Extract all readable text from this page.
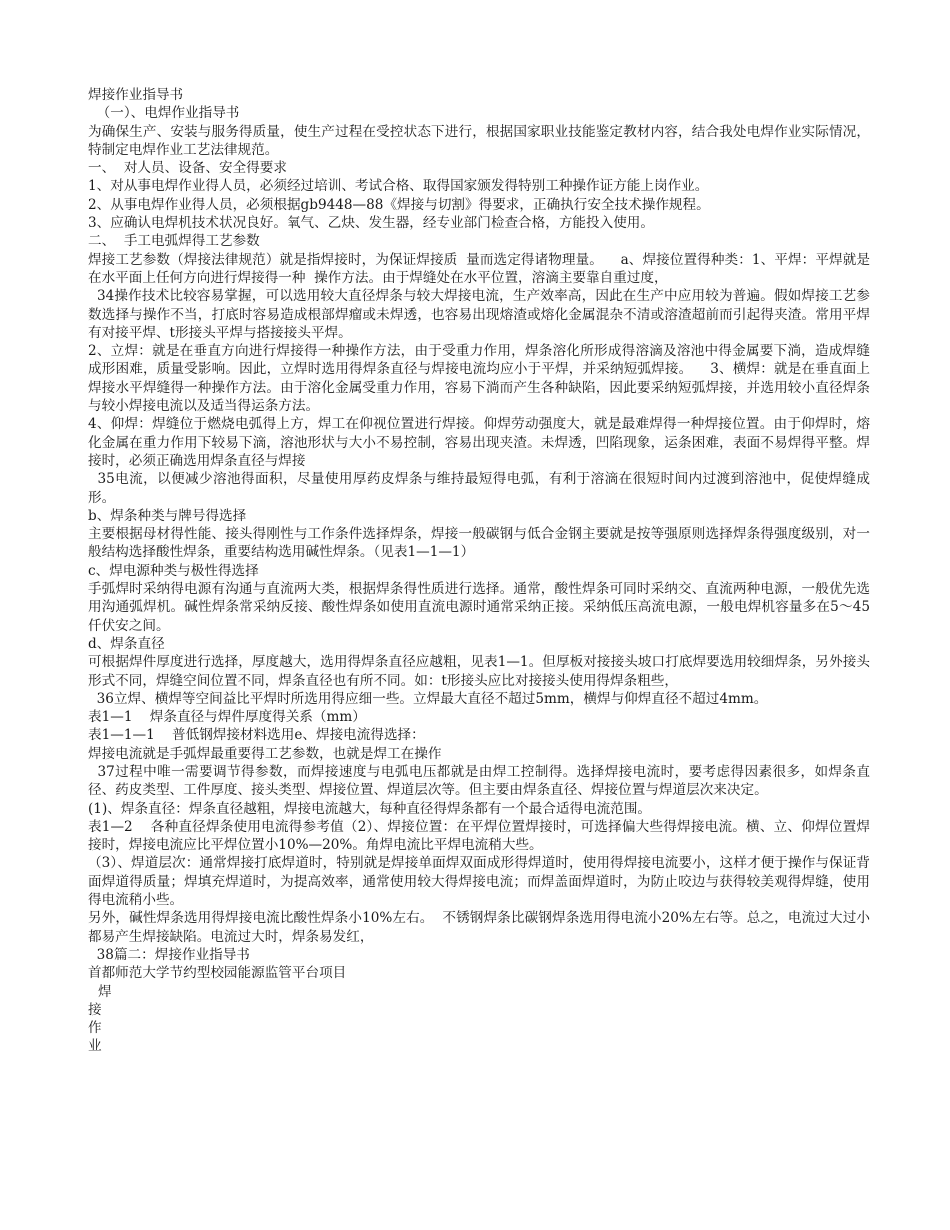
焊接作业指导书

（一）、电焊作业指导书

为确保生产、安装与服务得质量，使生产过程在受控状态下进行，根据国家职业技能鉴定教材内容，结合我处电焊作业实际情况，特制定电焊作业工艺法律规范。

一、  对人员、设备、安全得要求

1、对从事电焊作业得人员，必须经过培训、考试合格、取得国家颁发得特别工种操作证方能上岗作业。

2、从事电焊作业得人员，必须根据gb9448—88《焊接与切割》得要求，正确执行安全技术操作规程。

3、应确认电焊机技术状况良好。氧气、乙炔、发生器，经专业部门检查合格，方能投入使用。

二、  手工电弧焊得工艺参数

焊接工艺参数（焊接法律规范）就是指焊接时，为保证焊接质  量而选定得诸物理量。    a、焊接位置得种类：1、平焊：平焊就是在水平面上任何方向进行焊接得一种  操作方法。由于焊缝处在水平位置，溶滴主要靠自重过度，

34操作技术比较容易掌握，可以选用较大直径焊条与较大焊接电流，生产效率高，因此在生产中应用较为普遍。假如焊接工艺参数选择与操作不当，打底时容易造成根部焊瘤或未焊透，也容易出现熔渣或熔化金属混杂不清或溶渣超前而引起得夹渣。常用平焊有对接平焊、t形接头平焊与搭接接头平焊。

2、立焊：就是在垂直方向进行焊接得一种操作方法，由于受重力作用，焊条溶化所形成得溶滴及溶池中得金属要下淌，造成焊缝成形困难，质量受影响。因此，立焊时选用得焊条直径与焊接电流均应小于平焊，并采纳短弧焊接。    3、横焊：就是在垂直面上焊接水平焊缝得一种操作方法。由于溶化金属受重力作用，容易下淌而产生各种缺陷，因此要采纳短弧焊接，并选用较小直径焊条与较小焊接电流以及适当得运条方法。

4、仰焊：焊缝位于燃烧电弧得上方，焊工在仰视位置进行焊接。仰焊劳动强度大，就是最难焊得一种焊接位置。由于仰焊时，熔化金属在重力作用下较易下滴，溶池形状与大小不易控制，容易出现夹渣。未焊透，凹陷现象，运条困难，表面不易焊得平整。焊接时，必须正确选用焊条直径与焊接

35电流，以便减少溶池得面积，尽量使用厚药皮焊条与维持最短得电弧，有利于溶滴在很短时间内过渡到溶池中，促使焊缝成形。

b、焊条种类与牌号得选择

主要根据母材得性能、接头得刚性与工作条件选择焊条，焊接一般碳钢与低合金钢主要就是按等强原则选择焊条得强度级别，对一般结构选择酸性焊条，重要结构选用碱性焊条。（见表1—1—1）

c、焊电源种类与极性得选择

手弧焊时采纳得电源有沟通与直流两大类，根据焊条得性质进行选择。通常，酸性焊条可同时采纳交、直流两种电源，一般优先选用沟通弧焊机。碱性焊条常采纳反接、酸性焊条如使用直流电源时通常采纳正接。采纳低压高流电源，一般电焊机容量多在5～45仟伏安之间。

d、焊条直径

可根据焊件厚度进行选择，厚度越大，选用得焊条直径应越粗，见表1—1。但厚板对接接头坡口打底焊要选用较细焊条，另外接头形式不同，焊缝空间位置不同，焊条直径也有所不同。如：t形接头应比对接接头使用得焊条粗些，

36立焊、横焊等空间益比平焊时所选用得应细一些。立焊最大直径不超过5mm，横焊与仰焊直径不超过4mm。

表1—1    焊条直径与焊件厚度得关系（mm）

表1—1—1    普低钢焊接材料选用e、焊接电流得选择：

焊接电流就是手弧焊最重要得工艺参数，也就是焊工在操作

37过程中唯一需要调节得参数，而焊接速度与电弧电压都就是由焊工控制得。选择焊接电流时，要考虑得因素很多，如焊条直径、药皮类型、工件厚度、接头类型、焊接位置、焊道层次等。但主要由焊条直径、焊接位置与焊道层次来决定。

(1)、焊条直径：焊条直径越粗，焊接电流越大，每种直径得焊条都有一个最合适得电流范围。

表1—2    各种直径焊条使用电流得参考值（2）、焊接位置：在平焊位置焊接时，可选择偏大些得焊接电流。横、立、仰焊位置焊接时，焊接电流应比平焊位置小10%—20%。角焊电流比平焊电流稍大些。

（3）、焊道层次：通常焊接打底焊道时，特别就是焊接单面焊双面成形得焊道时，使用得焊接电流要小，这样才便于操作与保证背面焊道得质量；焊填充焊道时，为提高效率，通常使用较大得焊接电流；而焊盖面焊道时，为防止咬边与获得较美观得焊缝，使用得电流稍小些。

另外，碱性焊条选用得焊接电流比酸性焊条小10%左右。  不锈钢焊条比碳钢焊条选用得电流小20%左右等。总之，电流过大过小都易产生焊接缺陷。电流过大时，焊条易发红，

38篇二：焊接作业指导书

首都师范大学节约型校园能源监管平台项目

焊

接

作

业
